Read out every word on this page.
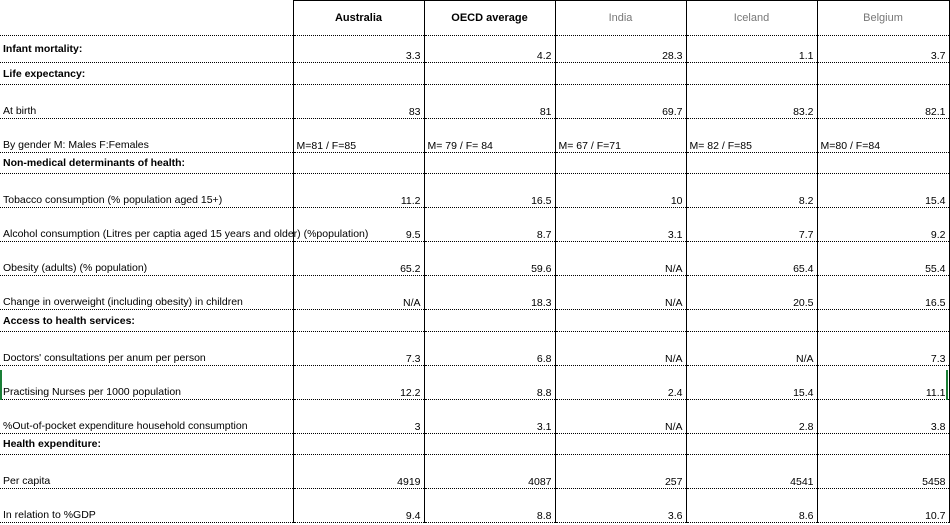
	Australia	OECD average	India	Iceland	Belgium

Infant mortality:	3.3	4.2	28.3	1.1	3.7

Life expectancy:					

At birth	83	81	69.7	83.2	82.1

By gender M: Males F:Females	M=81 / F=85	M= 79 / F= 84	M= 67 / F=71	M= 82 / F=85	M=80 / F=84

Non-medical determinants of health:					

Tobacco consumption (% population aged 15+)	11.2	16.5	10	8.2	15.4

Alcohol consumption (Litres per captia aged 15 years and older) (%population)	9.5	8.7	3.1	7.7	9.2

Obesity (adults) (% population)	65.2	59.6	N/A	65.4	55.4

Change in overweight (including obesity) in children	N/A	18.3	N/A	20.5	16.5

Access to health services:					

Doctors' consultations per anum per person	7.3	6.8	N/A	N/A	7.3

Practising Nurses per 1000 population	12.2	8.8	2.4	15.4	11.1

%Out-of-pocket expenditure household consumption	3	3.1	N/A	2.8	3.8

Health expenditure:					

Per capita	4919	4087	257	4541	5458

In relation to %GDP	9.4	8.8	3.6	8.6	10.7
